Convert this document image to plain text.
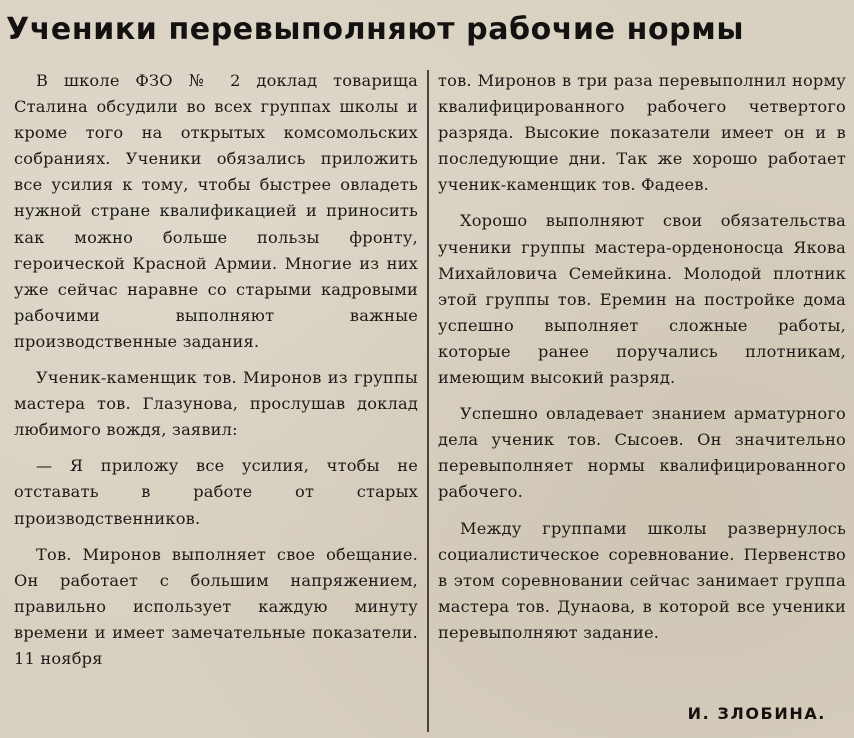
Ученики перевыполняют рабочие нормы

В школе ФЗО № 2 доклад товарища Сталина обсудили во всех группах школы и кроме того на открытых комсомольских собраниях. Ученики обязались приложить все усилия к тому, чтобы быстрее овладеть нужной стране квалификацией и приносить как можно больше пользы фронту, героической Красной Армии. Многие из них уже сейчас наравне со старыми кадровыми рабочими выполняют важные производственные задания.

Ученик-каменщик тов. Миронов из группы мастера тов. Глазунова, прослушав доклад любимого вождя, заявил:

— Я приложу все усилия, чтобы не отставать в работе от старых производственников.

Тов. Миронов выполняет свое обещание. Он работает с большим напряжением, правильно использует каждую минуту времени и имеет замечательные показатели. 11 ноября

тов. Миронов в три раза перевыполнил норму квалифицированного рабочего четвертого разряда. Высокие показатели имеет он и в последующие дни. Так же хорошо работает ученик-каменщик тов. Фадеев.

Хорошо выполняют свои обязательства ученики группы мастера-орденоносца Якова Михайловича Семейкина. Молодой плотник этой группы тов. Еремин на постройке дома успешно выполняет сложные работы, которые ранее поручались плотникам, имеющим высокий разряд.

Успешно овладевает знанием арматурного дела ученик тов. Сысоев. Он значительно перевыполняет нормы квалифицированного рабочего.

Между группами школы развернулось социалистическое соревнование. Первенство в этом соревновании сейчас занимает группа мастера тов. Дунаова, в которой все ученики перевыполняют задание.

И. ЗЛОБИНА.
